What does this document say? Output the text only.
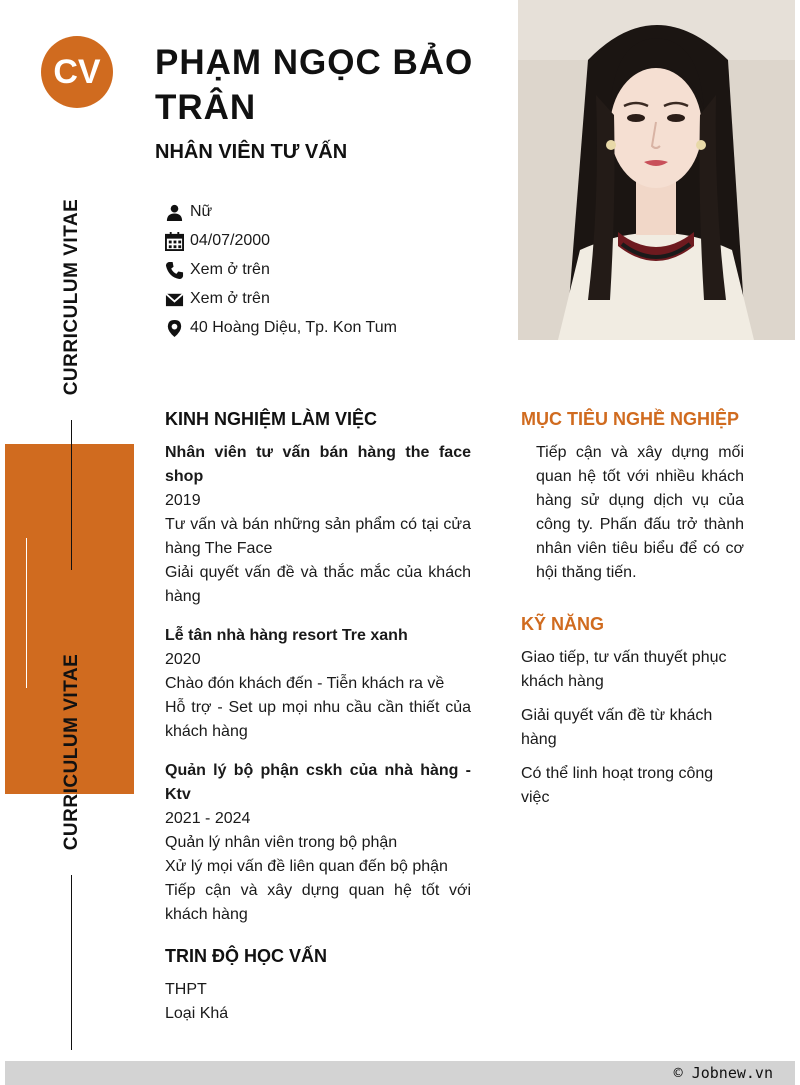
CV
CURRICULUM VITAE
CURRICULUM VITAE
PHẠM NGỌC BẢO TRÂN
NHÂN VIÊN TƯ VẤN
Nữ
04/07/2000
Xem ở trên
Xem ở trên
40 Hoàng Diệu, Tp. Kon Tum
KINH NGHIỆM LÀM VIỆC
Nhân viên tư vấn bán hàng the face shop
2019
Tư vấn và bán những sản phẩm có tại cửa hàng The Face
Giải quyết vấn đề và thắc mắc của khách hàng
Lễ tân nhà hàng resort Tre xanh
2020
Chào đón khách đến - Tiễn khách ra về
Hỗ trợ - Set up mọi nhu cầu cần thiết của khách hàng
Quản lý bộ phận cskh của nhà hàng - Ktv
2021 - 2024
Quản lý nhân viên trong bộ phận
Xử lý mọi vấn đề liên quan đến bộ phận
Tiếp cận và xây dựng quan hệ tốt với khách hàng
TRIN ĐỘ HỌC VẤN
THPT
Loại Khá
MỤC TIÊU NGHỀ NGHIỆP
Tiếp cận và xây dựng mối quan hệ tốt với nhiều khách hàng sử dụng dịch vụ của công ty. Phấn đấu trở thành nhân viên tiêu biểu để có cơ hội thăng tiến.
KỸ NĂNG
Giao tiếp, tư vấn thuyết phục khách hàng
Giải quyết vấn đề từ khách hàng
Có thể linh hoạt trong công việc
© Jobnew.vn
